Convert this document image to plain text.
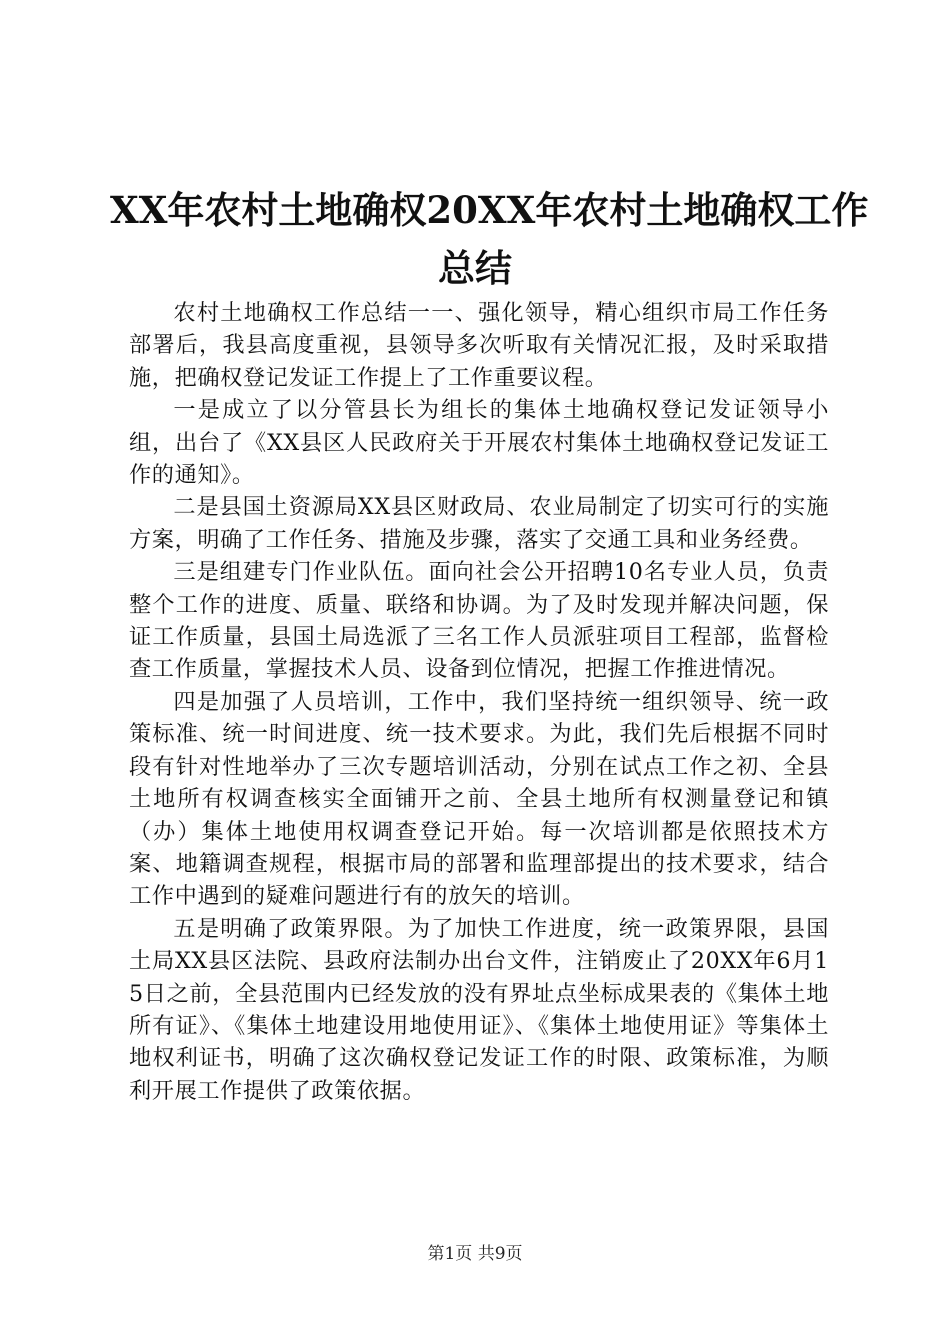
XX年农村土地确权20XX年农村土地确权工作
总结

农村土地确权工作总结一一、强化领导，精心组织市局工作任务部署后，我县高度重视，县领导多次听取有关情况汇报，及时采取措施，把确权登记发证工作提上了工作重要议程。

一是成立了以分管县长为组长的集体土地确权登记发证领导小组，出台了《XX县区人民政府关于开展农村集体土地确权登记发证工作的通知》。

二是县国土资源局XX县区财政局、农业局制定了切实可行的实施方案，明确了工作任务、措施及步骤，落实了交通工具和业务经费。

三是组建专门作业队伍。面向社会公开招聘10名专业人员，负责整个工作的进度、质量、联络和协调。为了及时发现并解决问题，保证工作质量，县国土局选派了三名工作人员派驻项目工程部，监督检查工作质量，掌握技术人员、设备到位情况，把握工作推进情况。

四是加强了人员培训，工作中，我们坚持统一组织领导、统一政策标准、统一时间进度、统一技术要求。为此，我们先后根据不同时段有针对性地举办了三次专题培训活动，分别在试点工作之初、全县土地所有权调查核实全面铺开之前、全县土地所有权测量登记和镇（办）集体土地使用权调查登记开始。每一次培训都是依照技术方案、地籍调查规程，根据市局的部署和监理部提出的技术要求，结合工作中遇到的疑难问题进行有的放矢的培训。

五是明确了政策界限。为了加快工作进度，统一政策界限，县国土局XX县区法院、县政府法制办出台文件，注销废止了20XX年6月15日之前，全县范围内已经发放的没有界址点坐标成果表的《集体土地所有证》、《集体土地建设用地使用证》、《集体土地使用证》等集体土地权利证书，明确了这次确权登记发证工作的时限、政策标准，为顺利开展工作提供了政策依据。

第1页 共9页
